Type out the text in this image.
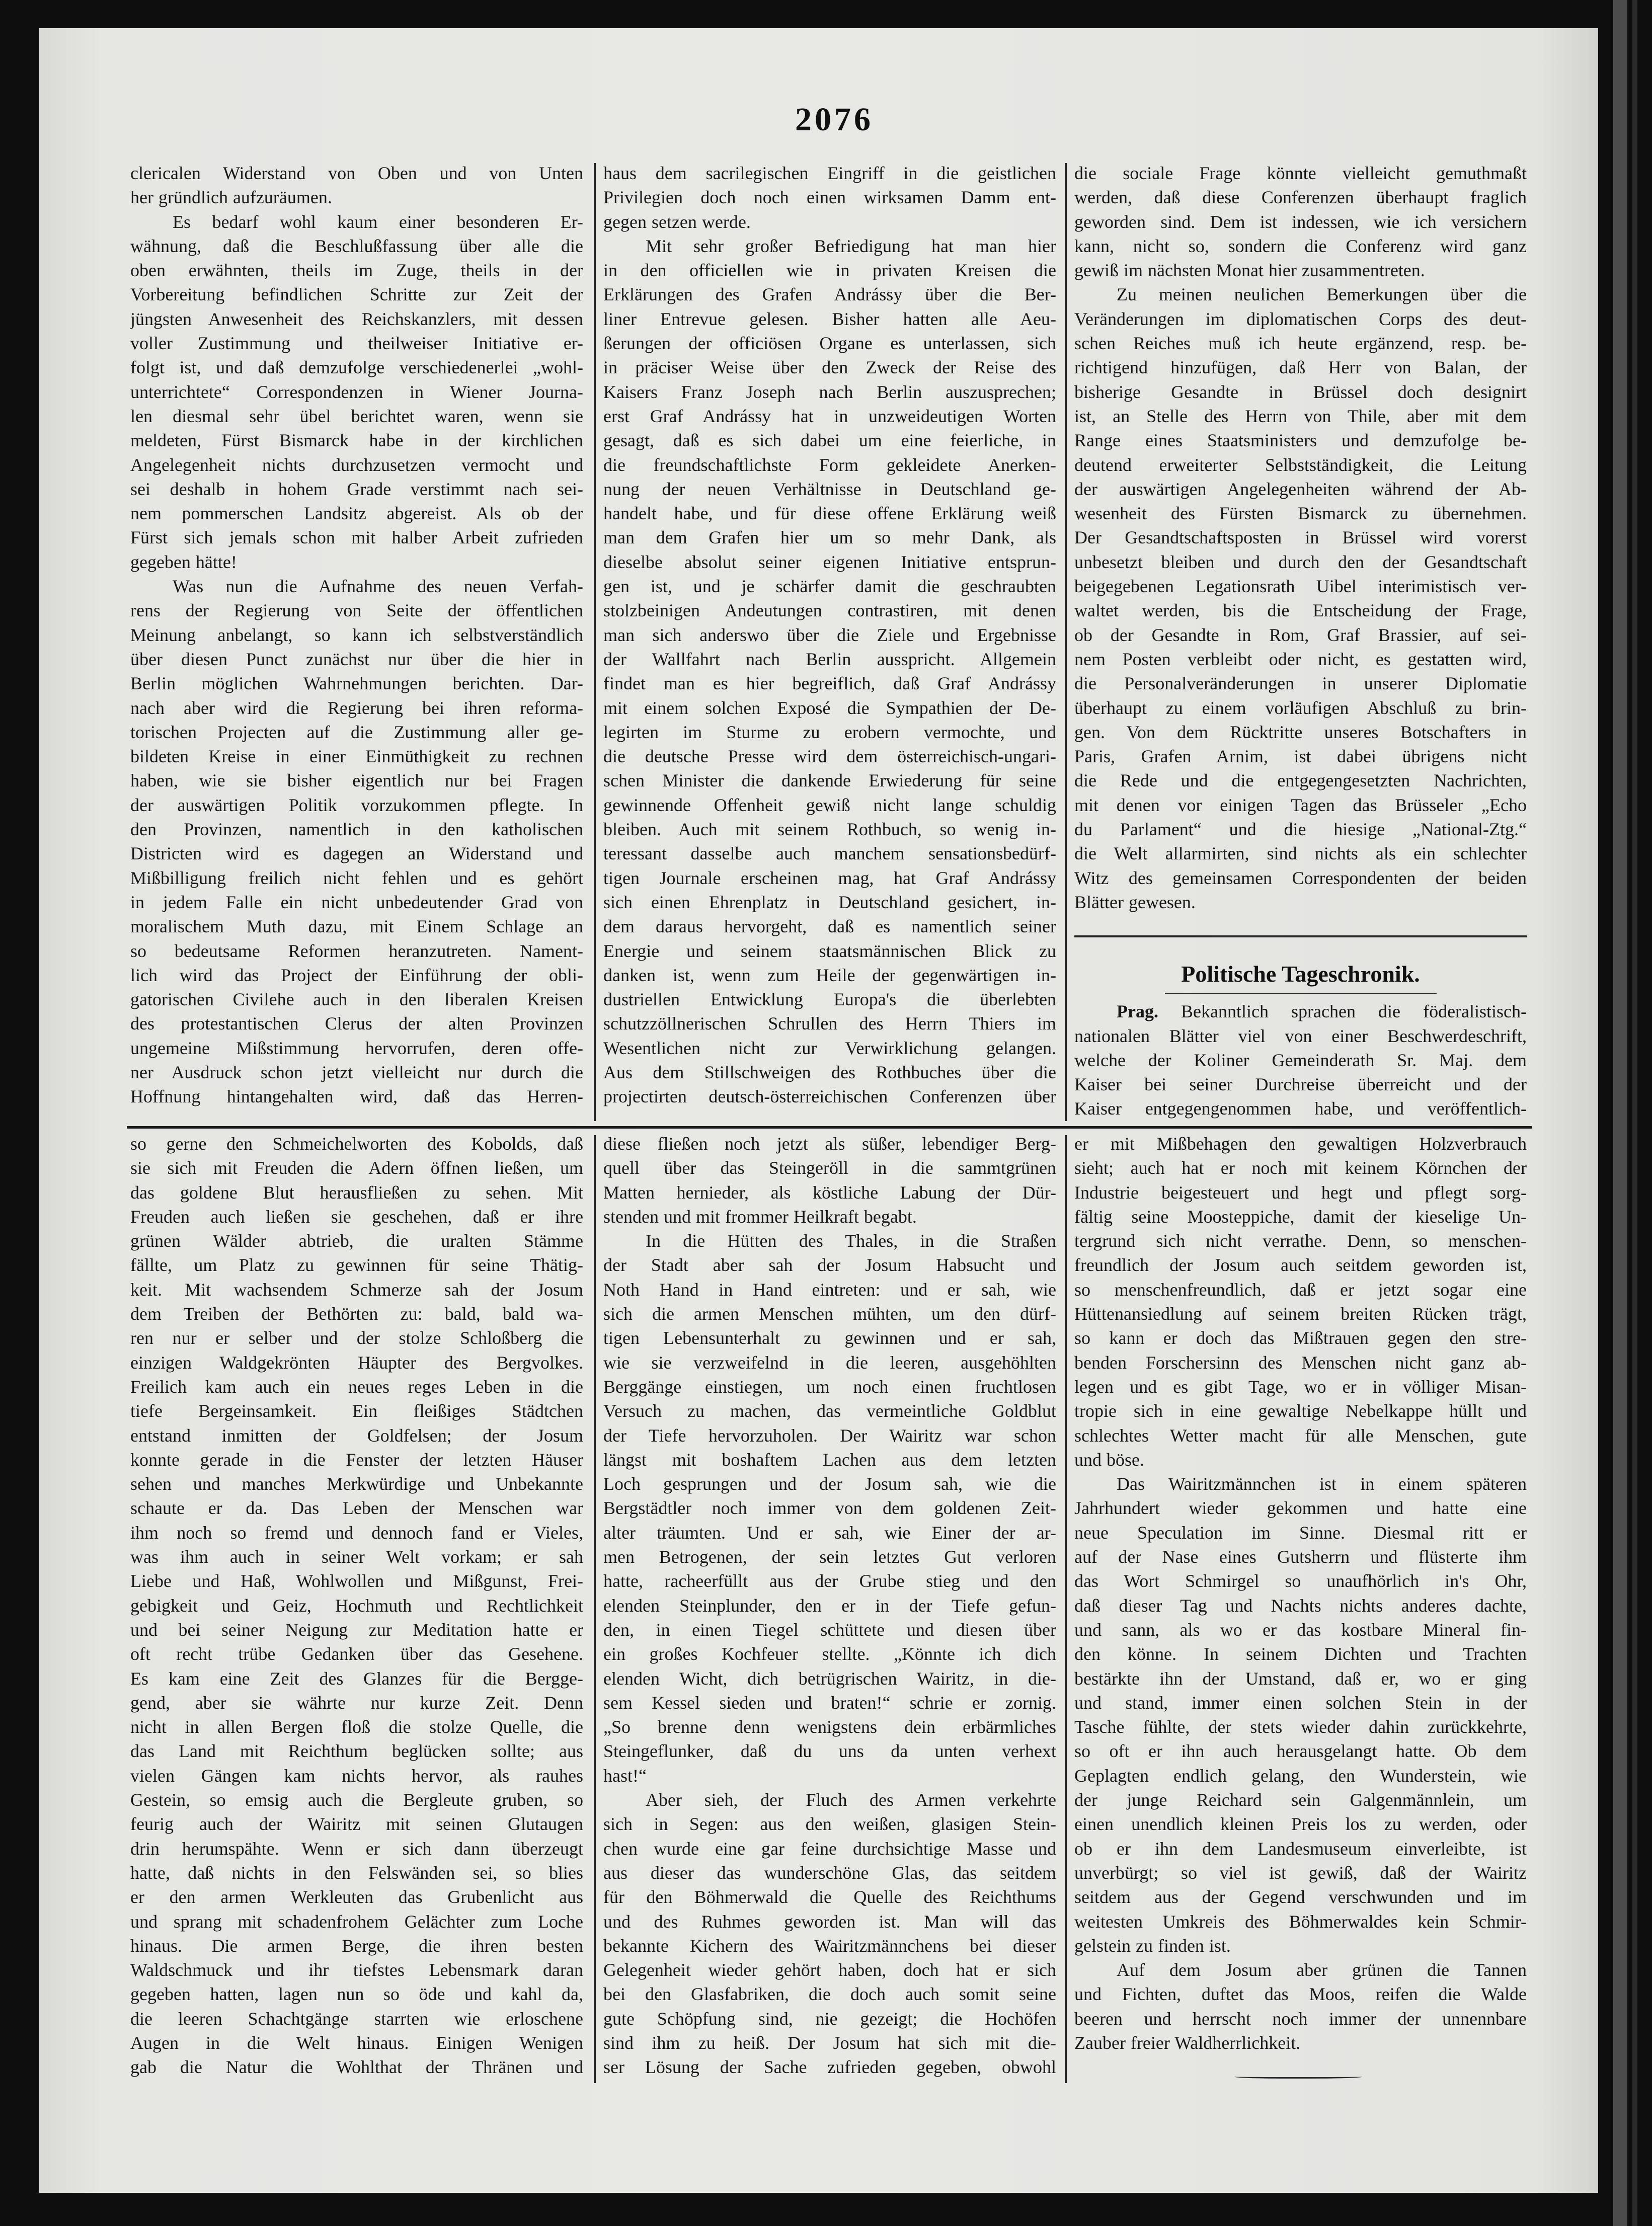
2076
clericalen Widerstand von Oben und von Unten
her gründlich aufzuräumen.
Es bedarf wohl kaum einer besonderen Er-
wähnung, daß die Beschlußfassung über alle die
oben erwähnten, theils im Zuge, theils in der
Vorbereitung befindlichen Schritte zur Zeit der
jüngsten Anwesenheit des Reichskanzlers, mit dessen
voller Zustimmung und theilweiser Initiative er-
folgt ist, und daß demzufolge verschiedenerlei „wohl-
unterrichtete“ Correspondenzen in Wiener Journa-
len diesmal sehr übel berichtet waren, wenn sie
meldeten, Fürst Bismarck habe in der kirchlichen
Angelegenheit nichts durchzusetzen vermocht und
sei deshalb in hohem Grade verstimmt nach sei-
nem pommerschen Landsitz abgereist. Als ob der
Fürst sich jemals schon mit halber Arbeit zufrieden
gegeben hätte!
Was nun die Aufnahme des neuen Verfah-
rens der Regierung von Seite der öffentlichen
Meinung anbelangt, so kann ich selbstverständlich
über diesen Punct zunächst nur über die hier in
Berlin möglichen Wahrnehmungen berichten. Dar-
nach aber wird die Regierung bei ihren reforma-
torischen Projecten auf die Zustimmung aller ge-
bildeten Kreise in einer Einmüthigkeit zu rechnen
haben, wie sie bisher eigentlich nur bei Fragen
der auswärtigen Politik vorzukommen pflegte. In
den Provinzen, namentlich in den katholischen
Districten wird es dagegen an Widerstand und
Mißbilligung freilich nicht fehlen und es gehört
in jedem Falle ein nicht unbedeutender Grad von
moralischem Muth dazu, mit Einem Schlage an
so bedeutsame Reformen heranzutreten. Nament-
lich wird das Project der Einführung der obli-
gatorischen Civilehe auch in den liberalen Kreisen
des protestantischen Clerus der alten Provinzen
ungemeine Mißstimmung hervorrufen, deren offe-
ner Ausdruck schon jetzt vielleicht nur durch die
Hoffnung hintangehalten wird, daß das Herren-
haus dem sacrilegischen Eingriff in die geistlichen
Privilegien doch noch einen wirksamen Damm ent-
gegen setzen werde.
Mit sehr großer Befriedigung hat man hier
in den officiellen wie in privaten Kreisen die
Erklärungen des Grafen Andrássy über die Ber-
liner Entrevue gelesen. Bisher hatten alle Aeu-
ßerungen der officiösen Organe es unterlassen, sich
in präciser Weise über den Zweck der Reise des
Kaisers Franz Joseph nach Berlin auszusprechen;
erst Graf Andrássy hat in unzweideutigen Worten
gesagt, daß es sich dabei um eine feierliche, in
die freundschaftlichste Form gekleidete Anerken-
nung der neuen Verhältnisse in Deutschland ge-
handelt habe, und für diese offene Erklärung weiß
man dem Grafen hier um so mehr Dank, als
dieselbe absolut seiner eigenen Initiative entsprun-
gen ist, und je schärfer damit die geschraubten
stolzbeinigen Andeutungen contrastiren, mit denen
man sich anderswo über die Ziele und Ergebnisse
der Wallfahrt nach Berlin ausspricht. Allgemein
findet man es hier begreiflich, daß Graf Andrássy
mit einem solchen Exposé die Sympathien der De-
legirten im Sturme zu erobern vermochte, und
die deutsche Presse wird dem österreichisch-ungari-
schen Minister die dankende Erwiederung für seine
gewinnende Offenheit gewiß nicht lange schuldig
bleiben. Auch mit seinem Rothbuch, so wenig in-
teressant dasselbe auch manchem sensationsbedürf-
tigen Journale erscheinen mag, hat Graf Andrássy
sich einen Ehrenplatz in Deutschland gesichert, in-
dem daraus hervorgeht, daß es namentlich seiner
Energie und seinem staatsmännischen Blick zu
danken ist, wenn zum Heile der gegenwärtigen in-
dustriellen Entwicklung Europa's die überlebten
schutzzöllnerischen Schrullen des Herrn Thiers im
Wesentlichen nicht zur Verwirklichung gelangen.
Aus dem Stillschweigen des Rothbuches über die
projectirten deutsch-österreichischen Conferenzen über
die sociale Frage könnte vielleicht gemuthmaßt
werden, daß diese Conferenzen überhaupt fraglich
geworden sind. Dem ist indessen, wie ich versichern
kann, nicht so, sondern die Conferenz wird ganz
gewiß im nächsten Monat hier zusammentreten.
Zu meinen neulichen Bemerkungen über die
Veränderungen im diplomatischen Corps des deut-
schen Reiches muß ich heute ergänzend, resp. be-
richtigend hinzufügen, daß Herr von Balan, der
bisherige Gesandte in Brüssel doch designirt
ist, an Stelle des Herrn von Thile, aber mit dem
Range eines Staatsministers und demzufolge be-
deutend erweiterter Selbstständigkeit, die Leitung
der auswärtigen Angelegenheiten während der Ab-
wesenheit des Fürsten Bismarck zu übernehmen.
Der Gesandtschaftsposten in Brüssel wird vorerst
unbesetzt bleiben und durch den der Gesandtschaft
beigegebenen Legationsrath Uibel interimistisch ver-
waltet werden, bis die Entscheidung der Frage,
ob der Gesandte in Rom, Graf Brassier, auf sei-
nem Posten verbleibt oder nicht, es gestatten wird,
die Personalveränderungen in unserer Diplomatie
überhaupt zu einem vorläufigen Abschluß zu brin-
gen. Von dem Rücktritte unseres Botschafters in
Paris, Grafen Arnim, ist dabei übrigens nicht
die Rede und die entgegengesetzten Nachrichten,
mit denen vor einigen Tagen das Brüsseler „Echo
du Parlament“ und die hiesige „National-Ztg.“
die Welt allarmirten, sind nichts als ein schlechter
Witz des gemeinsamen Correspondenten der beiden
Blätter gewesen.
Politische Tageschronik.
Prag. Bekanntlich sprachen die föderalistisch-
nationalen Blätter viel von einer Beschwerdeschrift,
welche der Koliner Gemeinderath Sr. Maj. dem
Kaiser bei seiner Durchreise überreicht und der
Kaiser entgegengenommen habe, und veröffentlich-
so gerne den Schmeichelworten des Kobolds, daß
sie sich mit Freuden die Adern öffnen ließen, um
das goldene Blut herausfließen zu sehen. Mit
Freuden auch ließen sie geschehen, daß er ihre
grünen Wälder abtrieb, die uralten Stämme
fällte, um Platz zu gewinnen für seine Thätig-
keit. Mit wachsendem Schmerze sah der Josum
dem Treiben der Bethörten zu: bald, bald wa-
ren nur er selber und der stolze Schloßberg die
einzigen Waldgekrönten Häupter des Bergvolkes.
Freilich kam auch ein neues reges Leben in die
tiefe Bergeinsamkeit. Ein fleißiges Städtchen
entstand inmitten der Goldfelsen; der Josum
konnte gerade in die Fenster der letzten Häuser
sehen und manches Merkwürdige und Unbekannte
schaute er da. Das Leben der Menschen war
ihm noch so fremd und dennoch fand er Vieles,
was ihm auch in seiner Welt vorkam; er sah
Liebe und Haß, Wohlwollen und Mißgunst, Frei-
gebigkeit und Geiz, Hochmuth und Rechtlichkeit
und bei seiner Neigung zur Meditation hatte er
oft recht trübe Gedanken über das Gesehene.
Es kam eine Zeit des Glanzes für die Bergge-
gend, aber sie währte nur kurze Zeit. Denn
nicht in allen Bergen floß die stolze Quelle, die
das Land mit Reichthum beglücken sollte; aus
vielen Gängen kam nichts hervor, als rauhes
Gestein, so emsig auch die Bergleute gruben, so
feurig auch der Wairitz mit seinen Glutaugen
drin herumspähte. Wenn er sich dann überzeugt
hatte, daß nichts in den Felswänden sei, so blies
er den armen Werkleuten das Grubenlicht aus
und sprang mit schadenfrohem Gelächter zum Loche
hinaus. Die armen Berge, die ihren besten
Waldschmuck und ihr tiefstes Lebensmark daran
gegeben hatten, lagen nun so öde und kahl da,
die leeren Schachtgänge starrten wie erloschene
Augen in die Welt hinaus. Einigen Wenigen
gab die Natur die Wohlthat der Thränen und
diese fließen noch jetzt als süßer, lebendiger Berg-
quell über das Steingeröll in die sammtgrünen
Matten hernieder, als köstliche Labung der Dür-
stenden und mit frommer Heilkraft begabt.
In die Hütten des Thales, in die Straßen
der Stadt aber sah der Josum Habsucht und
Noth Hand in Hand eintreten: und er sah, wie
sich die armen Menschen mühten, um den dürf-
tigen Lebensunterhalt zu gewinnen und er sah,
wie sie verzweifelnd in die leeren, ausgehöhlten
Berggänge einstiegen, um noch einen fruchtlosen
Versuch zu machen, das vermeintliche Goldblut
der Tiefe hervorzuholen. Der Wairitz war schon
längst mit boshaftem Lachen aus dem letzten
Loch gesprungen und der Josum sah, wie die
Bergstädtler noch immer von dem goldenen Zeit-
alter träumten. Und er sah, wie Einer der ar-
men Betrogenen, der sein letztes Gut verloren
hatte, racheerfüllt aus der Grube stieg und den
elenden Steinplunder, den er in der Tiefe gefun-
den, in einen Tiegel schüttete und diesen über
ein großes Kochfeuer stellte. „Könnte ich dich
elenden Wicht, dich betrügrischen Wairitz, in die-
sem Kessel sieden und braten!“ schrie er zornig.
„So brenne denn wenigstens dein erbärmliches
Steingeflunker, daß du uns da unten verhext
hast!“
Aber sieh, der Fluch des Armen verkehrte
sich in Segen: aus den weißen, glasigen Stein-
chen wurde eine gar feine durchsichtige Masse und
aus dieser das wunderschöne Glas, das seitdem
für den Böhmerwald die Quelle des Reichthums
und des Ruhmes geworden ist. Man will das
bekannte Kichern des Wairitzmännchens bei dieser
Gelegenheit wieder gehört haben, doch hat er sich
bei den Glasfabriken, die doch auch somit seine
gute Schöpfung sind, nie gezeigt; die Hochöfen
sind ihm zu heiß. Der Josum hat sich mit die-
ser Lösung der Sache zufrieden gegeben, obwohl
er mit Mißbehagen den gewaltigen Holzverbrauch
sieht; auch hat er noch mit keinem Körnchen der
Industrie beigesteuert und hegt und pflegt sorg-
fältig seine Moosteppiche, damit der kieselige Un-
tergrund sich nicht verrathe. Denn, so menschen-
freundlich der Josum auch seitdem geworden ist,
so menschenfreundlich, daß er jetzt sogar eine
Hüttenansiedlung auf seinem breiten Rücken trägt,
so kann er doch das Mißtrauen gegen den stre-
benden Forschersinn des Menschen nicht ganz ab-
legen und es gibt Tage, wo er in völliger Misan-
tropie sich in eine gewaltige Nebelkappe hüllt und
schlechtes Wetter macht für alle Menschen, gute
und böse.
Das Wairitzmännchen ist in einem späteren
Jahrhundert wieder gekommen und hatte eine
neue Speculation im Sinne. Diesmal ritt er
auf der Nase eines Gutsherrn und flüsterte ihm
das Wort Schmirgel so unaufhörlich in's Ohr,
daß dieser Tag und Nachts nichts anderes dachte,
und sann, als wo er das kostbare Mineral fin-
den könne. In seinem Dichten und Trachten
bestärkte ihn der Umstand, daß er, wo er ging
und stand, immer einen solchen Stein in der
Tasche fühlte, der stets wieder dahin zurückkehrte,
so oft er ihn auch herausgelangt hatte. Ob dem
Geplagten endlich gelang, den Wunderstein, wie
der junge Reichard sein Galgenmännlein, um
einen unendlich kleinen Preis los zu werden, oder
ob er ihn dem Landesmuseum einverleibte, ist
unverbürgt; so viel ist gewiß, daß der Wairitz
seitdem aus der Gegend verschwunden und im
weitesten Umkreis des Böhmerwaldes kein Schmir-
gelstein zu finden ist.
Auf dem Josum aber grünen die Tannen
und Fichten, duftet das Moos, reifen die Walde
beeren und herrscht noch immer der unnennbare
Zauber freier Waldherrlichkeit.
